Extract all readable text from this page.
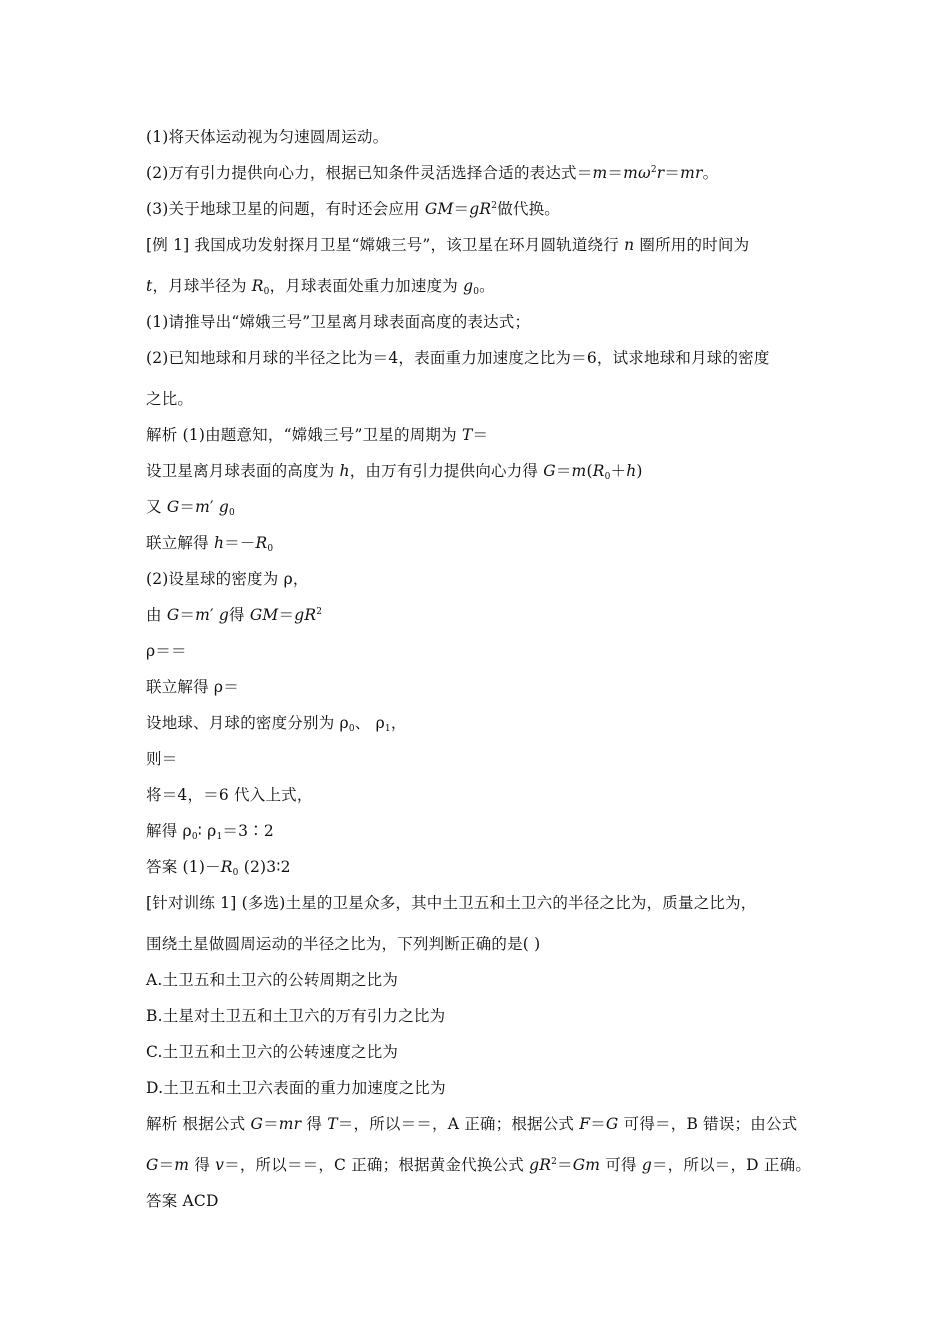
(1)将天体运动视为匀速圆周运动。
(2)万有引力提供向心力，根据已知条件灵活选择合适的表达式$=m=m\omega^2r=mr$。
(3)关于地球卫星的问题，有时还会应用 $GM=gR^2$做代换。
[例 1] 我国成功发射探月卫星“嫦娥三号”，该卫星在环月圆轨道绕行 n 圈所用的时间为
t，月球半径为 $R_0$，月球表面处重力加速度为 $g_0$。
(1)请推导出“嫦娥三号”卫星离月球表面高度的表达式；
(2)已知地球和月球的半径之比为＝4，表面重力加速度之比为＝6，试求地球和月球的密度
之比。
解析 (1)由题意知，“嫦娥三号”卫星的周期为 T＝
设卫星离月球表面的高度为 h，由万有引力提供向心力得 $G=m(R_0+h)$
又 G＝m′ $g_0$
联立解得 $h=-R_0$
(2)设星球的密度为 ρ，
由 G＝m′ g得 $GM=gR^2$
ρ＝＝
联立解得 ρ＝
设地球、月球的密度分别为 $\rho_0$、 $\rho_1$，
则＝
将＝4，＝6 代入上式，
解得 $\rho_0∶$ $\rho_1=3∶2$
答案 $(1)-R_0$ (2)3∶2
[针对训练 1] (多选)土星的卫星众多，其中土卫五和土卫六的半径之比为，质量之比为，
围绕土星做圆周运动的半径之比为，下列判断正确的是( )
A.土卫五和土卫六的公转周期之比为
B.土星对土卫五和土卫六的万有引力之比为
C.土卫五和土卫六的公转速度之比为
D.土卫五和土卫六表面的重力加速度之比为
解析 根据公式 G＝mr 得 T＝，所以＝＝，A 正确；根据公式 F＝G 可得＝，B 错误；由公式
G＝m 得 v＝，所以＝＝，C 正确；根据黄金代换公式 $gR^2=Gm$ 可得 g＝，所以＝，D 正确。
答案 ACD
